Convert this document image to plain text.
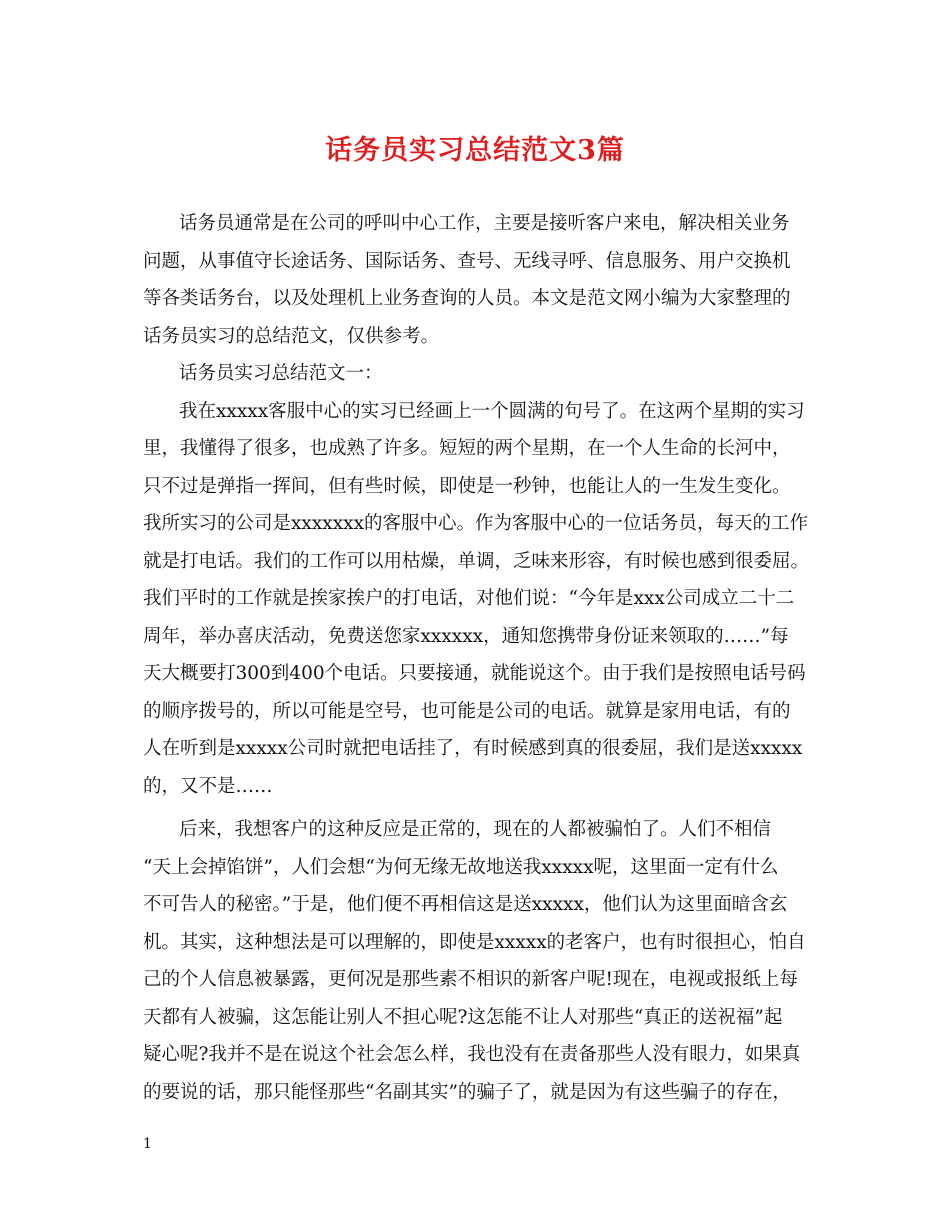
话务员实习总结范文3篇
话务员通常是在公司的呼叫中心工作，主要是接听客户来电，解决相关业务
问题，从事值守长途话务、国际话务、查号、无线寻呼、信息服务、用户交换机
等各类话务台，以及处理机上业务查询的人员。本文是范文网小编为大家整理的
话务员实习的总结范文，仅供参考。
话务员实习总结范文一：
我在xxxxx客服中心的实习已经画上一个圆满的句号了。在这两个星期的实习
里，我懂得了很多，也成熟了许多。短短的两个星期，在一个人生命的长河中，
只不过是弹指一挥间，但有些时候，即使是一秒钟，也能让人的一生发生变化。
我所实习的公司是xxxxxxx的客服中心。作为客服中心的一位话务员，每天的工作
就是打电话。我们的工作可以用枯燥，单调，乏味来形容，有时候也感到很委屈。
我们平时的工作就是挨家挨户的打电话，对他们说：“今年是xxx公司成立二十二
周年，举办喜庆活动，免费送您家xxxxxx，通知您携带身份证来领取的……”每
天大概要打300到400个电话。只要接通，就能说这个。由于我们是按照电话号码
的顺序拨号的，所以可能是空号，也可能是公司的电话。就算是家用电话，有的
人在听到是xxxxx公司时就把电话挂了，有时候感到真的很委屈，我们是送xxxxx
的，又不是……
后来，我想客户的这种反应是正常的，现在的人都被骗怕了。人们不相信
“天上会掉馅饼”，人们会想“为何无缘无故地送我xxxxx呢，这里面一定有什么
不可告人的秘密。”于是，他们便不再相信这是送xxxxx，他们认为这里面暗含玄
机。其实，这种想法是可以理解的，即使是xxxxx的老客户，也有时很担心，怕自
己的个人信息被暴露，更何况是那些素不相识的新客户呢!现在，电视或报纸上每
天都有人被骗，这怎能让别人不担心呢?这怎能不让人对那些“真正的送祝福”起
疑心呢?我并不是在说这个社会怎么样，我也没有在责备那些人没有眼力，如果真
的要说的话，那只能怪那些“名副其实”的骗子了，就是因为有这些骗子的存在，
1
